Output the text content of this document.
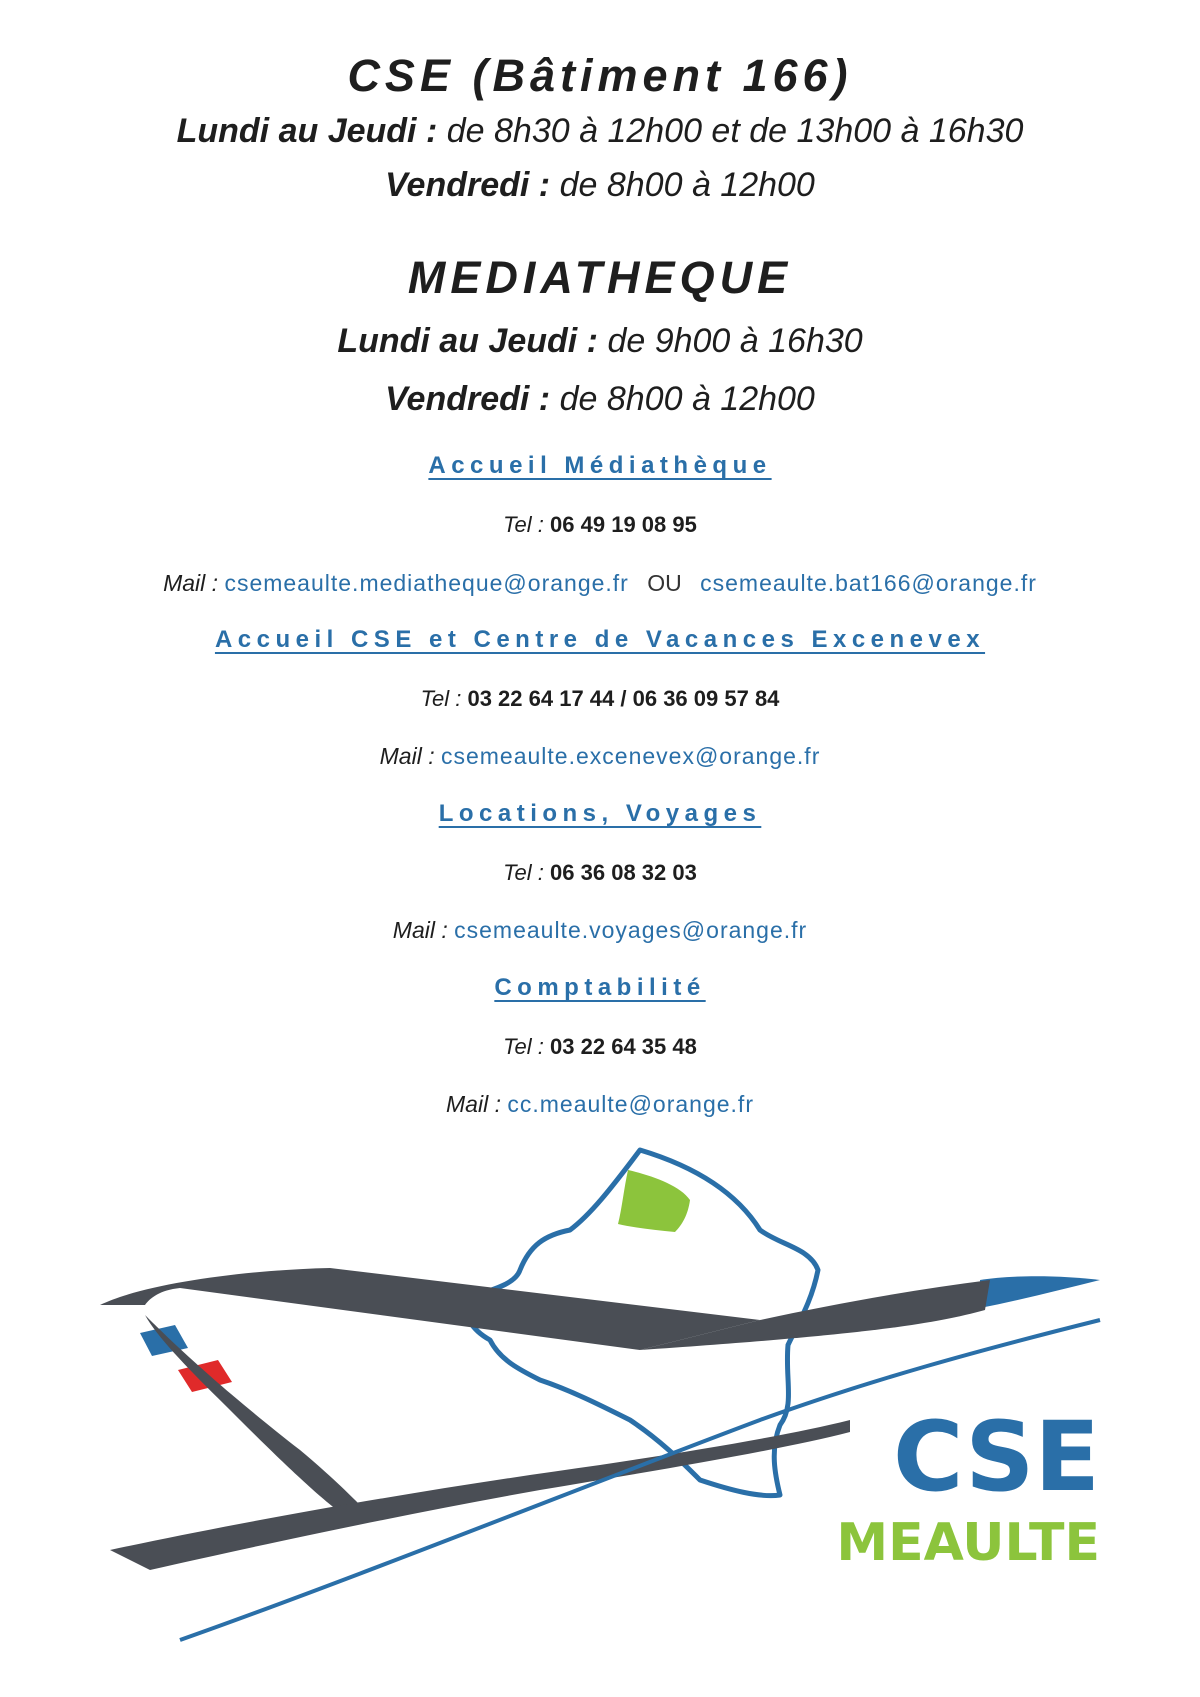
CSE (Bâtiment 166)
Lundi au Jeudi : de 8h30 à 12h00 et de 13h00 à 16h30
Vendredi : de 8h00 à 12h00
MEDIATHEQUE
Lundi au Jeudi : de 9h00 à 16h30
Vendredi : de 8h00 à 12h00
Accueil Médiathèque
Tel : 06 49 19 08 95
Mail : csemeaulte.mediatheque@orange.fr OU csemeaulte.bat166@orange.fr
Accueil CSE et Centre de Vacances Excenevex
Tel : 03 22 64 17 44 / 06 36 09 57 84
Mail : csemeaulte.excenevex@orange.fr
Locations, Voyages
Tel : 06 36 08 32 03
Mail : csemeaulte.voyages@orange.fr
Comptabilité
Tel : 03 22 64 35 48
Mail : cc.meaulte@orange.fr
CSE
MEAULTE
